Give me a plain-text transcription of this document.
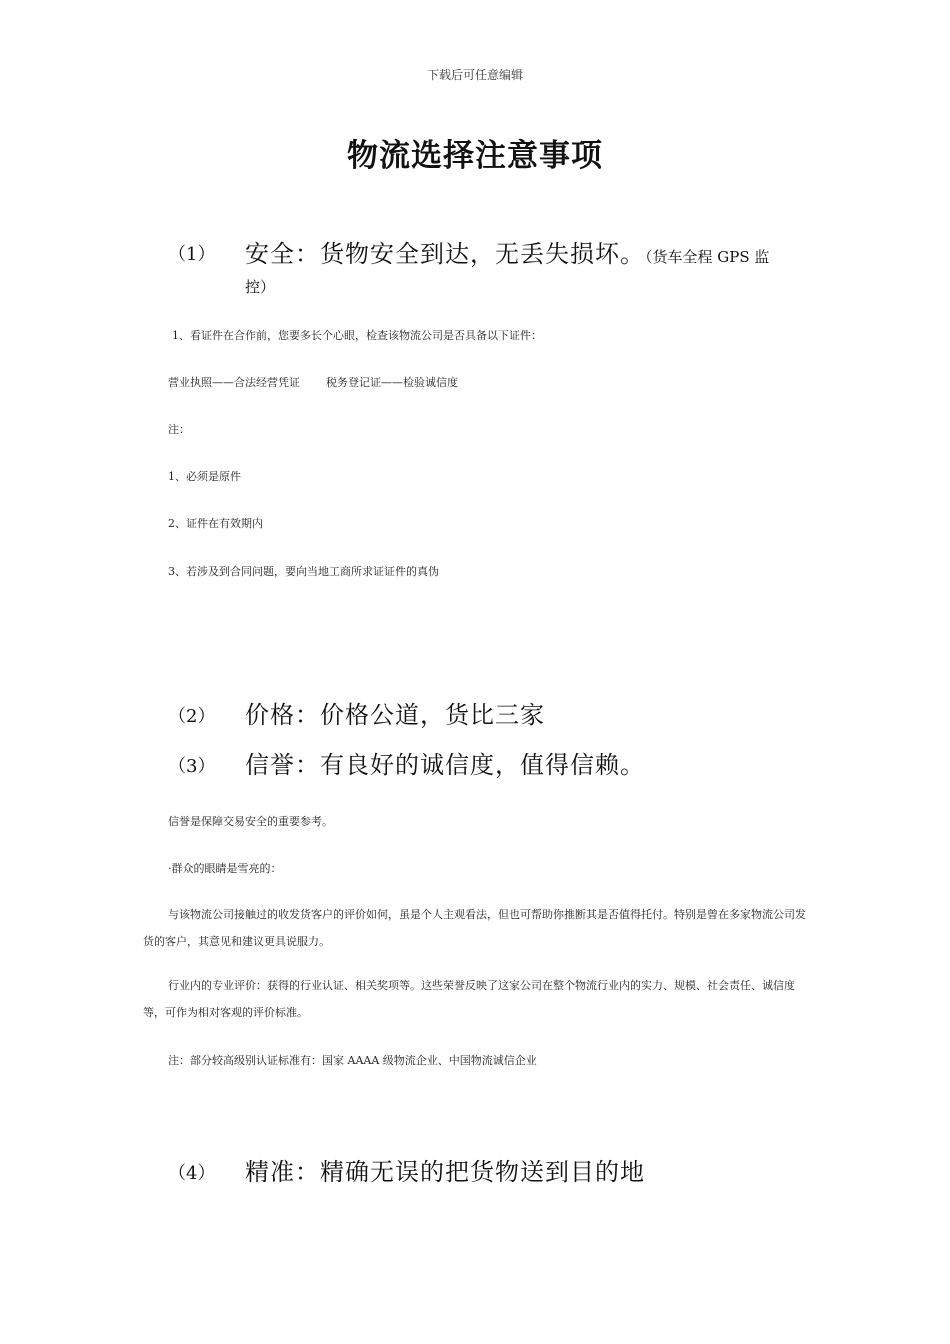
下载后可任意编辑
物流选择注意事项
（1） 安全：货物安全到达，无丢失损坏。（货车全程 GPS 监
控）
1、看证件在合作前，您要多长个心眼，检查该物流公司是否具备以下证件：
营业执照——合法经营凭证 税务登记证——检验诚信度
注：
1、必须是原件
2、证件在有效期内
3、若涉及到合同问题，要向当地工商所求证证件的真伪
（2） 价格：价格公道，货比三家
（3） 信誉：有良好的诚信度，值得信赖。
信誉是保障交易安全的重要参考。
·群众的眼睛是雪亮的：
与该物流公司接触过的收发货客户的评价如何，虽是个人主观看法，但也可帮助你推断其是否值得托付。特别是曾在多家物流公司发货的客户，其意见和建议更具说服力。
行业内的专业评价：获得的行业认证、相关奖项等。这些荣誉反映了这家公司在整个物流行业内的实力、规模、社会责任、诚信度等，可作为相对客观的评价标准。
注：部分较高级别认证标准有：国家 AAAA 级物流企业、中国物流诚信企业
（4） 精准：精确无误的把货物送到目的地
